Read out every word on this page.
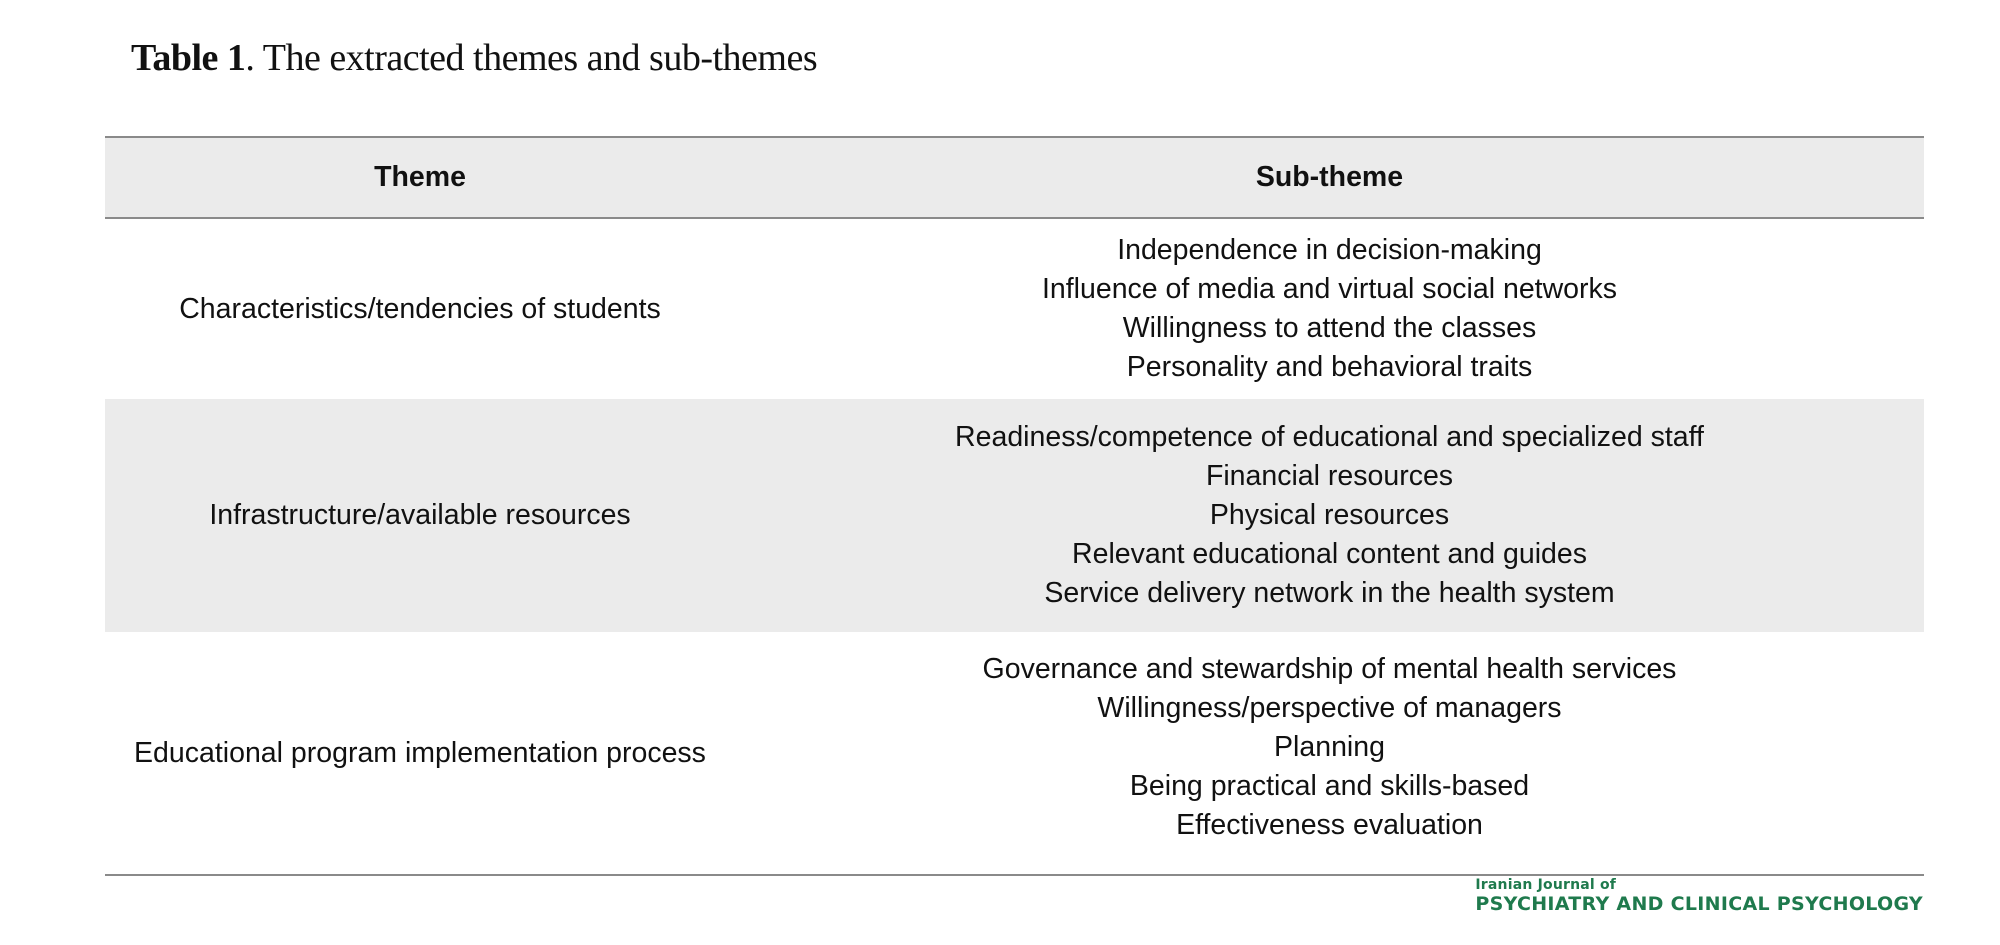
Table 1. The extracted themes and sub-themes
Theme	Sub-theme
Characteristics/tendencies of students	Independence in decision-making
Influence of media and virtual social networks
Willingness to attend the classes
Personality and behavioral traits

Infrastructure/available resources	Readiness/competence of educational and specialized staff
Financial resources
Physical resources
Relevant educational content and guides
Service delivery network in the health system

Educational program implementation process	Governance and stewardship of mental health services
Willingness/perspective of managers
Planning
Being practical and skills-based
Effectiveness evaluation
Iranian Journal of
PSYCHIATRY AND CLINICAL PSYCHOLOGY
